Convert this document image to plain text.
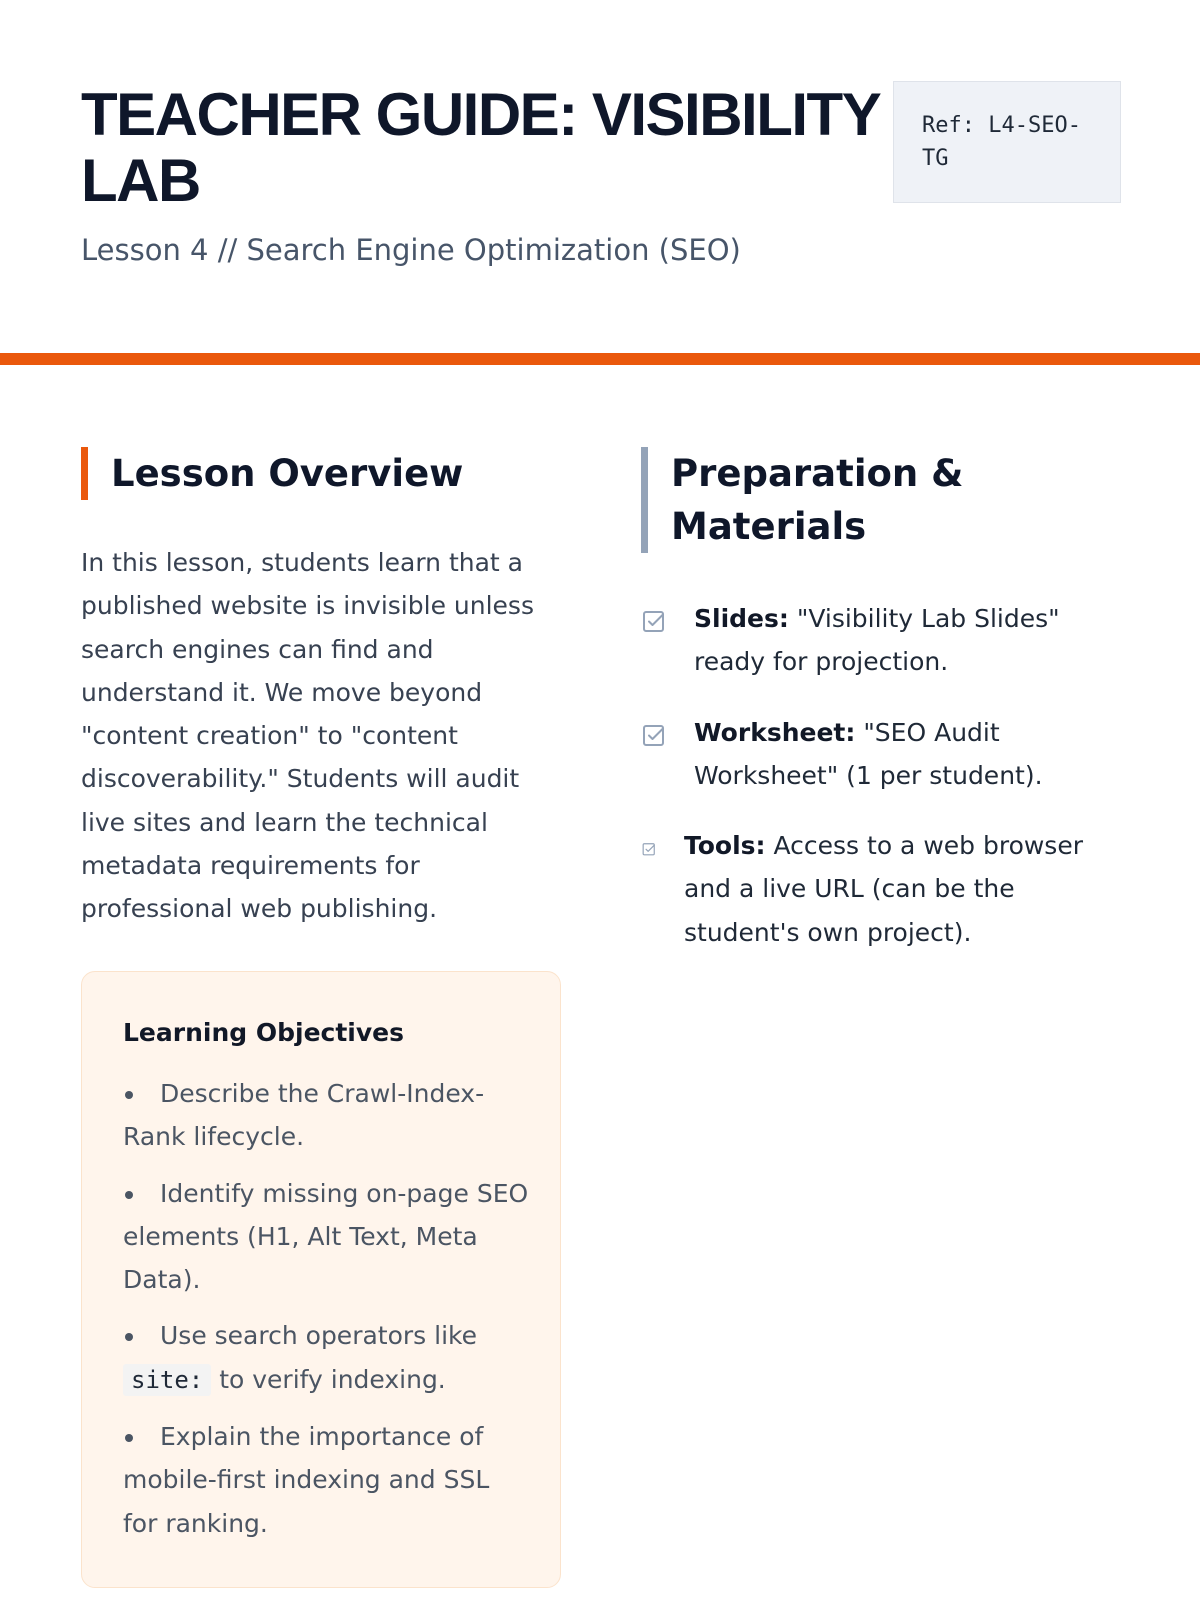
TEACHER GUIDE: VISIBILITY LAB
Lesson 4 // Search Engine Optimization (SEO)
Ref: L4-SEO-TG
Lesson Overview

In this lesson, students learn that a published website is invisible unless search engines can find and understand it. We move beyond "content creation" to "content discoverability." Students will audit live sites and learn the technical metadata requirements for professional web publishing.

Learning Objectives
Describe the Crawl-Index-Rank lifecycle.
Identify missing on-page SEO elements (H1, Alt Text, Meta Data).
Use search operators like site: to verify indexing.
Explain the importance of mobile-first indexing and SSL for ranking.
Preparation & Materials
Slides: "Visibility Lab Slides" ready for projection.
Worksheet: "SEO Audit Worksheet" (1 per student).
Tools: Access to a web browser and a live URL (can be the student's own project).
